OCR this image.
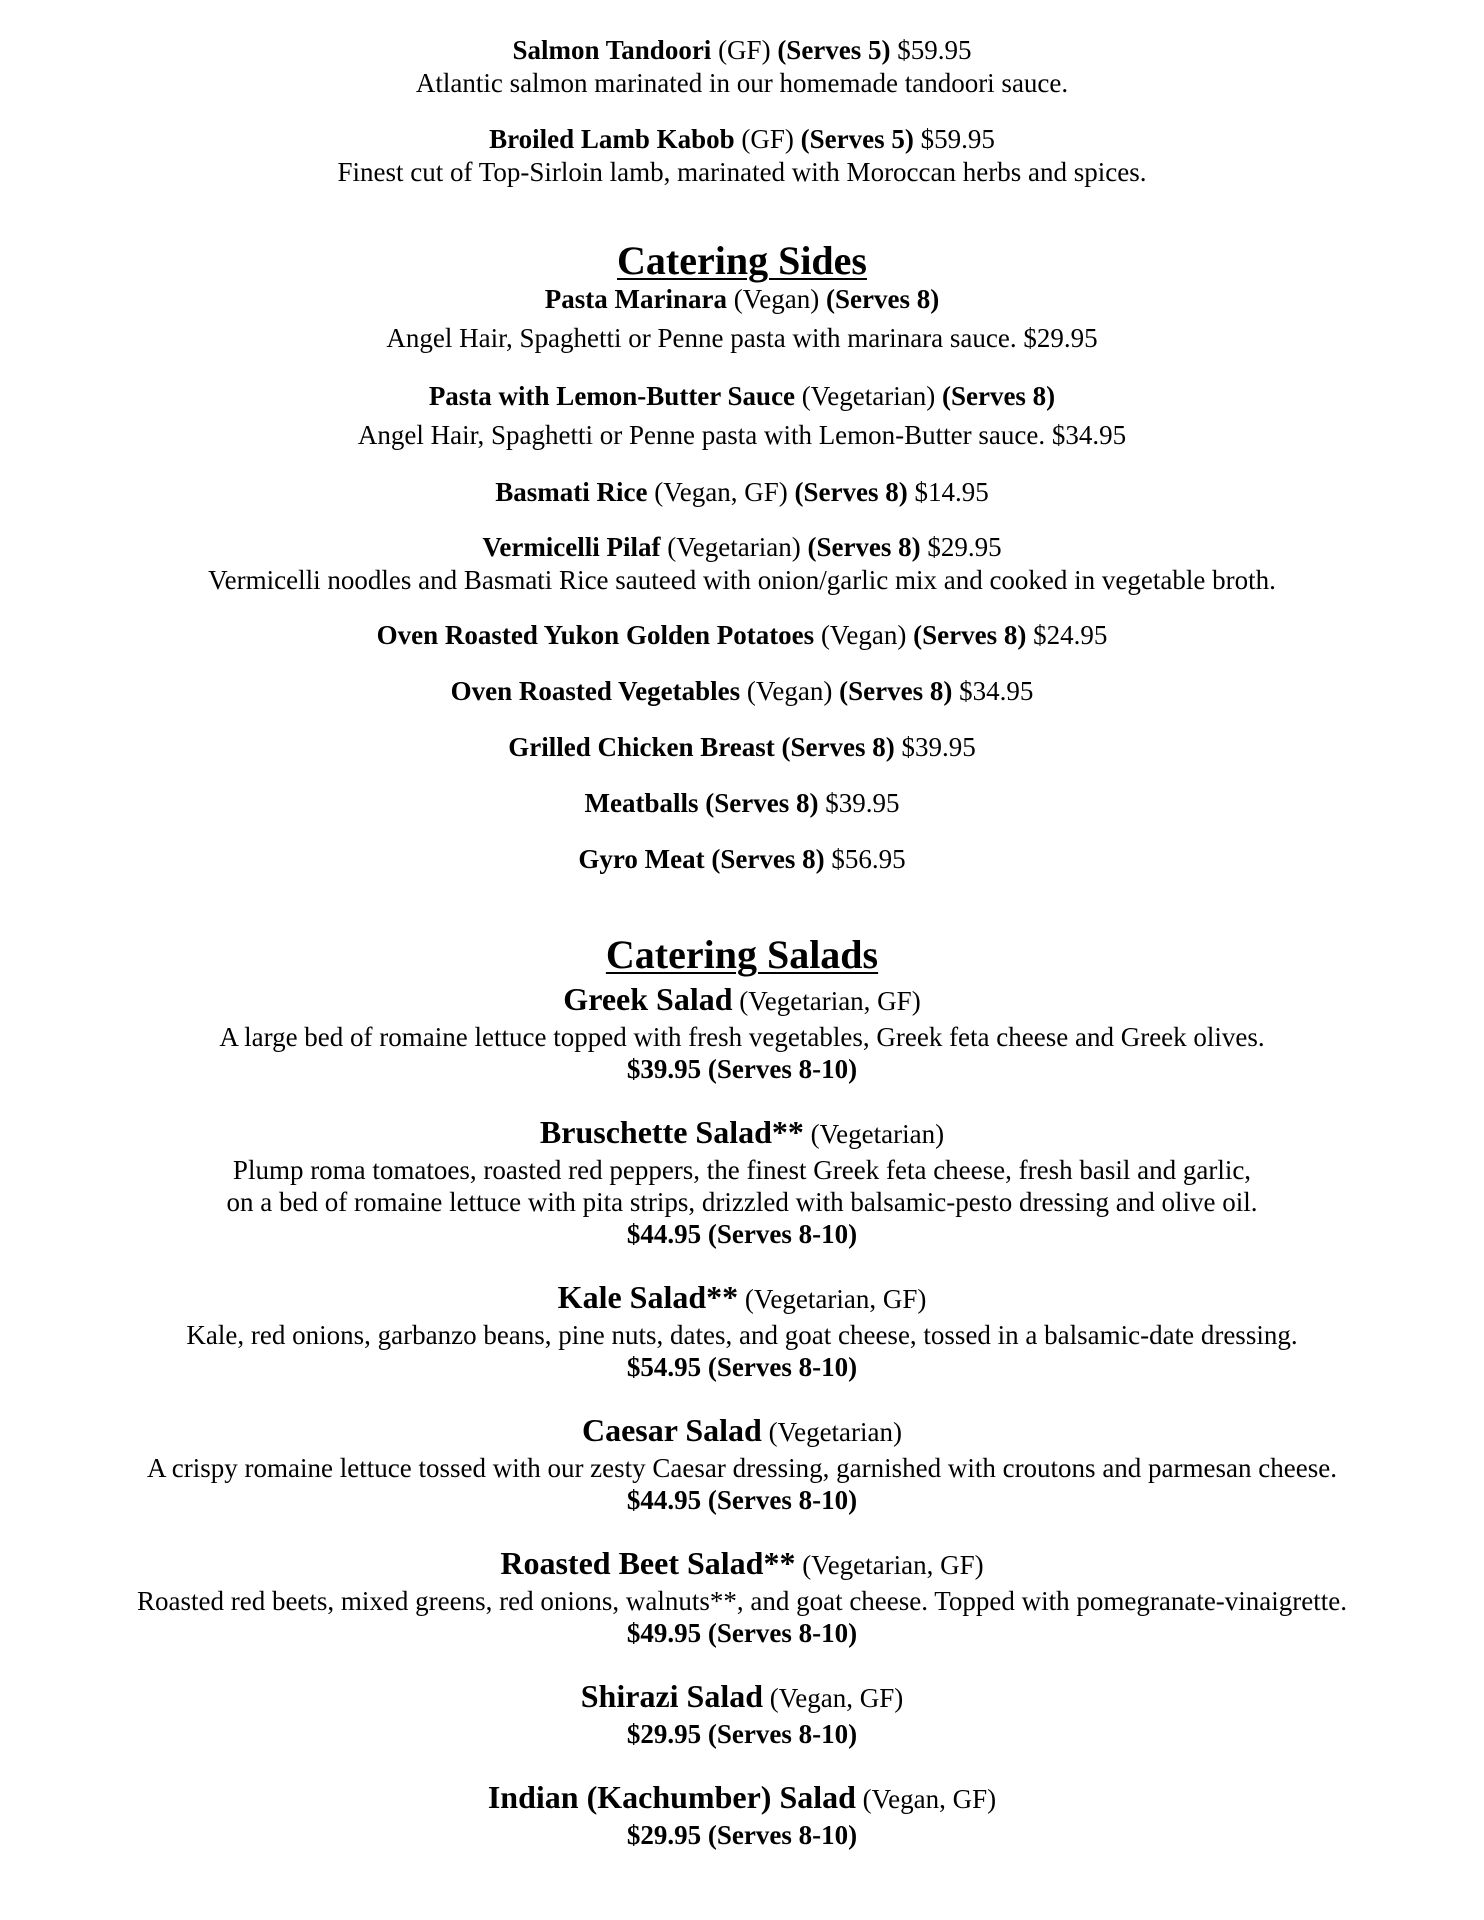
Salmon Tandoori (GF) (Serves 5) $59.95

Atlantic salmon marinated in our homemade tandoori sauce.

Broiled Lamb Kabob (GF) (Serves 5) $59.95

Finest cut of Top-Sirloin lamb, marinated with Moroccan herbs and spices.

Catering Sides

Pasta Marinara (Vegan) (Serves 8)

Angel Hair, Spaghetti or Penne pasta with marinara sauce. $29.95

Pasta with Lemon-Butter Sauce (Vegetarian) (Serves 8)

Angel Hair, Spaghetti or Penne pasta with Lemon-Butter sauce. $34.95

Basmati Rice (Vegan, GF) (Serves 8) $14.95

Vermicelli Pilaf (Vegetarian) (Serves 8) $29.95

Vermicelli noodles and Basmati Rice sauteed with onion/garlic mix and cooked in vegetable broth.

Oven Roasted Yukon Golden Potatoes (Vegan) (Serves 8) $24.95

Oven Roasted Vegetables (Vegan) (Serves 8) $34.95

Grilled Chicken Breast (Serves 8) $39.95

Meatballs (Serves 8) $39.95

Gyro Meat (Serves 8) $56.95

Catering Salads

Greek Salad (Vegetarian, GF)

A large bed of romaine lettuce topped with fresh vegetables, Greek feta cheese and Greek olives.

$39.95 (Serves 8-10)

Bruschette Salad** (Vegetarian)

Plump roma tomatoes, roasted red peppers, the finest Greek feta cheese, fresh basil and garlic,

on a bed of romaine lettuce with pita strips, drizzled with balsamic-pesto dressing and olive oil.

$44.95 (Serves 8-10)

Kale Salad** (Vegetarian, GF)

Kale, red onions, garbanzo beans, pine nuts, dates, and goat cheese, tossed in a balsamic-date dressing.

$54.95 (Serves 8-10)

Caesar Salad (Vegetarian)

A crispy romaine lettuce tossed with our zesty Caesar dressing, garnished with croutons and parmesan cheese.

$44.95 (Serves 8-10)

Roasted Beet Salad** (Vegetarian, GF)

Roasted red beets, mixed greens, red onions, walnuts**, and goat cheese. Topped with pomegranate-vinaigrette.

$49.95 (Serves 8-10)

Shirazi Salad (Vegan, GF)

$29.95 (Serves 8-10)

Indian (Kachumber) Salad (Vegan, GF)

$29.95 (Serves 8-10)
